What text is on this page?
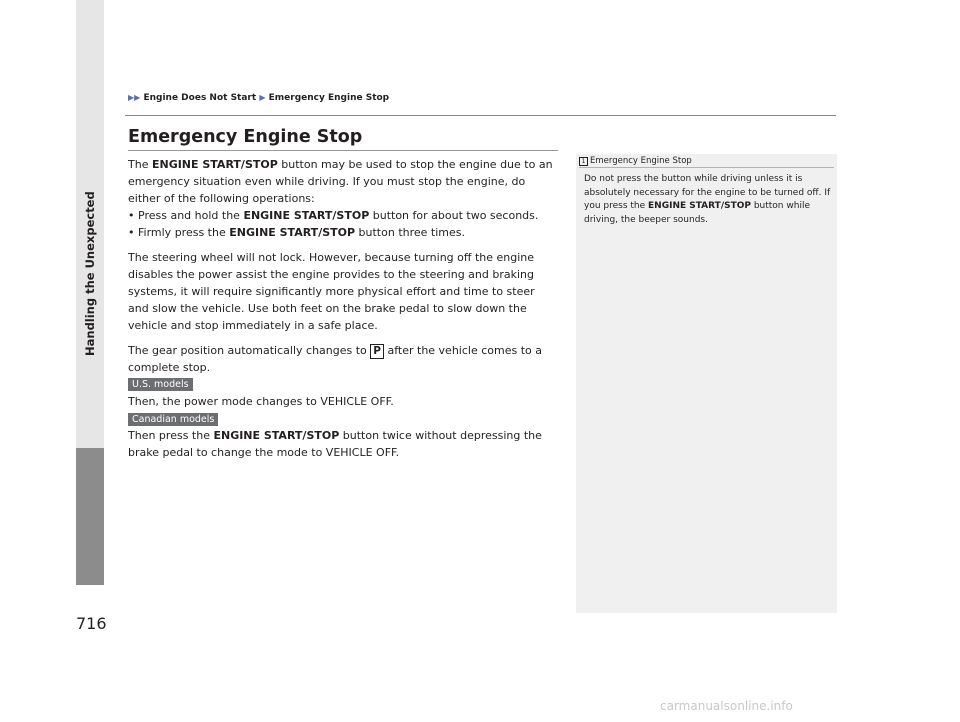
Handling the Unexpected
▶▶ Engine Does Not Start ▶ Emergency Engine Stop
Emergency Engine Stop
The ENGINE START/STOP button may be used to stop the engine due to an emergency situation even while driving. If you must stop the engine, do either of the following operations:
• Press and hold the ENGINE START/STOP button for about two seconds.
• Firmly press the ENGINE START/STOP button three times.
The steering wheel will not lock. However, because turning off the engine disables the power assist the engine provides to the steering and braking systems, it will require significantly more physical effort and time to steer and slow the vehicle. Use both feet on the brake pedal to slow down the vehicle and stop immediately in a safe place.
The gear position automatically changes to P after the vehicle comes to a complete stop.
U.S. models
Then, the power mode changes to VEHICLE OFF.
Canadian models
Then press the ENGINE START/STOP button twice without depressing the brake pedal to change the mode to VEHICLE OFF.
1 Emergency Engine Stop
Do not press the button while driving unless it is absolutely necessary for the engine to be turned off. If you press the ENGINE START/STOP button while driving, the beeper sounds.
716
carmanualsonline.info
